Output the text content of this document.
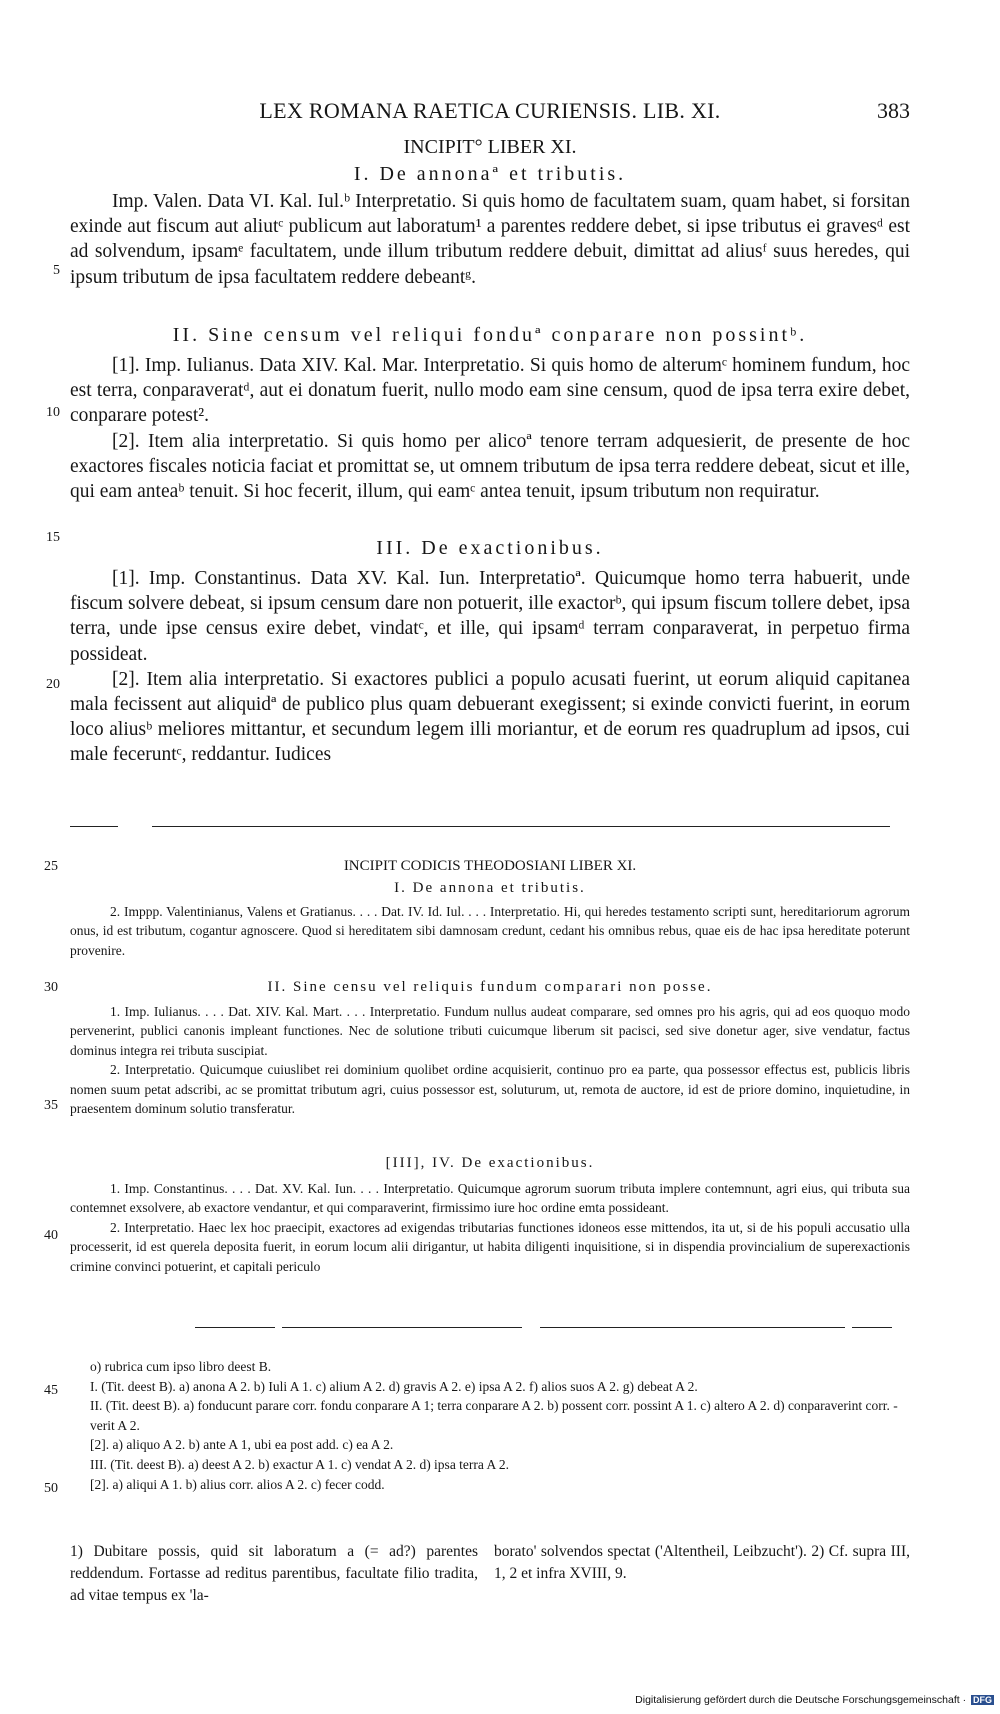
LEX ROMANA RAETICA CURIENSIS. LIB. XI.	383
INCIPIT° LIBER XI.
I. De annonaª et tributis.

Imp. Valen. Data VI. Kal. Iul.ᵇ Interpretatio. Si quis homo de facultatem suam, quam habet, si forsitan exinde aut fiscum aut aliutᶜ publicum aut laboratum¹ a parentes reddere debet, si ipse tributus ei gravesᵈ est ad solvendum, ipsamᵉ facultatem, unde illum tributum reddere debuit, dimittat ad aliusᶠ suus heredes, qui ipsum tributum de ipsa facultatem reddere debeantᵍ.

II. Sine censum vel reliqui fonduª conparare non possintᵇ.

[1]. Imp. Iulianus. Data XIV. Kal. Mar. Interpretatio. Si quis homo de alterumᶜ hominem fundum, hoc est terra, conparaveratᵈ, aut ei donatum fuerit, nullo modo eam sine censum, quod de ipsa terra exire debet, conparare potest².

[2]. Item alia interpretatio. Si quis homo per alicoª tenore terram adquesierit, de presente de hoc exactores fiscales noticia faciat et promittat se, ut omnem tributum de ipsa terra reddere debeat, sicut et ille, qui eam anteaᵇ tenuit. Si hoc fecerit, illum, qui eamᶜ antea tenuit, ipsum tributum non requiratur.

III. De exactionibus.

[1]. Imp. Constantinus. Data XV. Kal. Iun. Interpretatioª. Quicumque homo terra habuerit, unde fiscum solvere debeat, si ipsum censum dare non potuerit, ille exactorᵇ, qui ipsum fiscum tollere debet, ipsa terra, unde ipse census exire debet, vindatᶜ, et ille, qui ipsamᵈ terram conparaverat, in perpetuo firma possideat.

[2]. Item alia interpretatio. Si exactores publici a populo acusati fuerint, ut eorum aliquid capitanea mala fecissent aut aliquidª de publico plus quam debuerant exegissent; si exinde convicti fuerint, in eorum loco aliusᵇ meliores mittantur, et secundum legem illi moriantur, et de eorum res quadruplum ad ipsos, cui male feceruntᶜ, reddantur. Iudices

5
10
15
20
25	INCIPIT CODICIS THEODOSIANI LIBER XI.
I. De annona et tributis.

2. Imppp. Valentinianus, Valens et Gratianus. . . . Dat. IV. Id. Iul. . . . Interpretatio. Hi, qui heredes testamento scripti sunt, hereditariorum agrorum onus, id est tributum, cogantur agnoscere. Quod si hereditatem sibi damnosam credunt, cedant his omnibus rebus, quae eis de hac ipsa hereditate poterunt provenire.

30	II. Sine censu vel reliquis fundum comparari non posse.

1. Imp. Iulianus. . . . Dat. XIV. Kal. Mart. . . . Interpretatio. Fundum nullus audeat comparare, sed omnes pro his agris, qui ad eos quoquo modo pervenerint, publici canonis impleant functiones. Nec de solutione tributi cuicumque liberum sit pacisci, sed sive donetur ager, sive vendatur, factus dominus integra rei tributa suscipiat.

2. Interpretatio. Quicumque cuiuslibet rei dominium quolibet ordine acquisierit, continuo pro ea parte, qua possessor effectus est, publicis libris nomen suum petat adscribi, ac se promittat tributum agri, cuius possessor est, soluturum, ut, remota de auctore, id est de priore domino, inquietudine, in praesentem dominum solutio transferatur.

35
[III], IV. De exactionibus.

1. Imp. Constantinus. . . . Dat. XV. Kal. Iun. . . . Interpretatio. Quicumque agrorum suorum tributa implere contemnunt, agri eius, qui tributa sua contemnet exsolvere, ab exactore vendantur, et qui comparaverint, firmissimo iure hoc ordine emta possideant.

2. Interpretatio. Haec lex hoc praecipit, exactores ad exigendas tributarias functiones idoneos esse mittendos, ita ut, si de his populi accusatio ulla processerit, id est querela deposita fuerit, in eorum locum alii dirigantur, ut habita diligenti inquisitione, si in dispendia provincialium de superexactionis crimine convinci potuerint, et capitali periculo

40

o) rubrica cum ipso libro deest B.

I. (Tit. deest B). a) anona A 2. b) Iuli A 1. c) alium A 2. d) gravis A 2. e) ipsa A 2. f) alios suos A 2. g) debeat A 2.

II. (Tit. deest B). a) fonducunt parare corr. fondu conparare A 1; terra conparare A 2. b) possent corr. possint A 1. c) altero A 2. d) conparaverint corr. -verit A 2.

[2]. a) aliquo A 2. b) ante A 1, ubi ea post add. c) ea A 2.

III. (Tit. deest B). a) deest A 2. b) exactur A 1. c) vendat A 2. d) ipsa terra A 2.

[2]. a) aliqui A 1. b) alius corr. alios A 2. c) fecer codd.

45
50

1) Dubitare possis, quid sit laboratum a (= ad?) parentes reddendum. Fortasse ad reditus parentibus, facultate filio tradita, ad vitae tempus ex 'la-

borato' solvendos spectat ('Altentheil, Leibzucht'). 2) Cf. supra III, 1, 2 et infra XVIII, 9.

Digitalisierung gefördert durch die Deutsche Forschungsgemeinschaft · DFG
